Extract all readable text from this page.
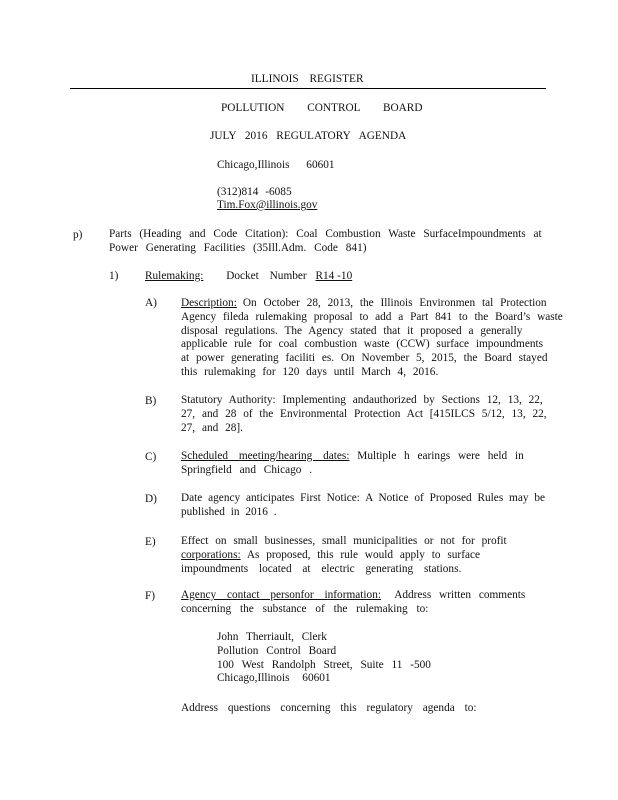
ILLINOIS REGISTER
POLLUTION CONTROL BOARD
JULY 2016 REGULATORY AGENDA
Chicago,Illinois 60601
(312)814 -6085
Tim.Fox@illinois.gov
p) Parts (Heading and Code Citation): Coal Combustion Waste SurfaceImpoundments at
Power Generating Facilities (35Ill.Adm. Code 841)
1) Rulemaking: Docket Number R14 -10
A) Description: On October 28, 2013, the Illinois Environmen tal Protection
Agency fileda rulemaking proposal to add a Part 841 to the Board’s waste
disposal regulations. The Agency stated that it proposed a generally
applicable rule for coal combustion waste (CCW) surface impoundments
at power generating faciliti es. On November 5, 2015, the Board stayed
this rulemaking for 120 days until March 4, 2016.
B) Statutory Authority: Implementing andauthorized by Sections 12, 13, 22,
27, and 28 of the Environmental Protection Act [415ILCS 5/12, 13, 22,
27, and 28].
C) Scheduled meeting/hearing dates: Multiple h earings were held in
Springfield and Chicago .
D) Date agency anticipates First Notice: A Notice of Proposed Rules may be
published in 2016 .
E) Effect on small businesses, small municipalities or not for profit
corporations: As proposed, this rule would apply to surface
impoundments located at electric generating stations.
F) Agency contact personfor information: Address written comments
concerning the substance of the rulemaking to:
John Therriault, Clerk
Pollution Control Board
100 West Randolph Street, Suite 11 -500
Chicago,Illinois 60601
Address questions concerning this regulatory agenda to:
